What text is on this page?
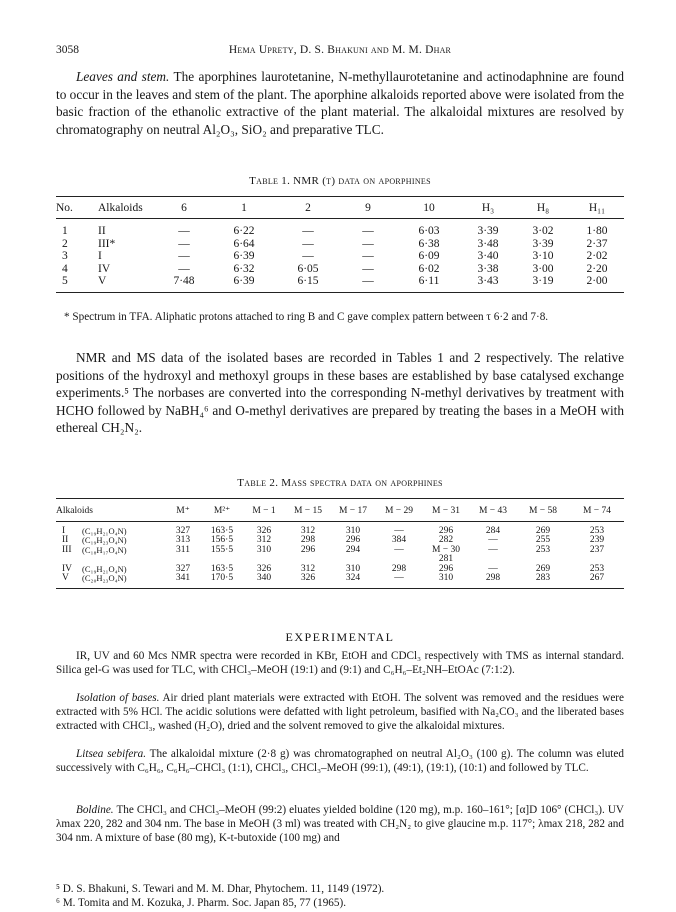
3058	Hema Uprety, D. S. Bhakuni and M. M. Dhar

Leaves and stem. The aporphines laurotetanine, N-methyllaurotetanine and actinodaphnine are found to occur in the leaves and stem of the plant. The aporphine alkaloids reported above were isolated from the basic fraction of the ethanolic extractive of the plant material. The alkaloidal mixtures are resolved by chromatography on neutral Al₂O₃, SiO₂ and preparative TLC.

Table 1. NMR (τ) data on aporphines
No.	Alkaloids	6	1	2	9	10	H₃	H₈	H₁₁
1	II	—	6·22	—	—	6·03	3·39	3·02	1·80
2	III*	—	6·64	—	—	6·38	3·48	3·39	2·37
3	I	—	6·39	—	—	6·09	3·40	3·10	2·02
4	IV	—	6·32	6·05	—	6·02	3·38	3·00	2·20
5	V	7·48	6·39	6·15	—	6·11	3·43	3·19	2·00

* Spectrum in TFA. Aliphatic protons attached to ring B and C gave complex pattern between τ 6·2 and 7·8.

NMR and MS data of the isolated bases are recorded in Tables 1 and 2 respectively. The relative positions of the hydroxyl and methoxyl groups in these bases are established by base catalysed exchange experiments.⁵ The norbases are converted into the corresponding N-methyl derivatives by treatment with HCHO followed by NaBH₄⁶ and O-methyl derivatives are prepared by treating the bases in a MeOH with ethereal CH₂N₂.

Table 2. Mass spectra data on aporphines
Alkaloids		M⁺	M²⁺	M − 1	M − 15	M − 17	M − 29	M − 31	M − 43	M − 58	M − 74
I	(C₁₉H₂₁O₄N)	327	163·5	326	312	310	—	296	284	269	253
II	(C₁₉H₂₃O₄N)	313	156·5	312	298	296	384	282	—	255	239
III	(C₁₈H₁₇O₄N)	311	155·5	310	296	294	—	M − 30	—	253	237
								281			
IV	(C₁₉H₂₁O₄N)	327	163·5	326	312	310	298	296	—	269	253
V	(C₂₀H₂₃O₄N)	341	170·5	340	326	324	—	310	298	283	267
EXPERIMENTAL

IR, UV and 60 Mcs NMR spectra were recorded in KBr, EtOH and CDCl₃ respectively with TMS as internal standard. Silica gel-G was used for TLC, with CHCl₃–MeOH (19:1) and (9:1) and C₆H₆–Et₂NH–EtOAc (7:1:2).

Isolation of bases. Air dried plant materials were extracted with EtOH. The solvent was removed and the residues were extracted with 5% HCl. The acidic solutions were defatted with light petroleum, basified with Na₂CO₃ and the liberated bases extracted with CHCl₃, washed (H₂O), dried and the solvent removed to give the alkaloidal mixtures.

Litsea sebifera. The alkaloidal mixture (2·8 g) was chromatographed on neutral Al₂O₃ (100 g). The column was eluted successively with C₆H₆, C₆H₆–CHCl₃ (1:1), CHCl₃, CHCl₃–MeOH (99:1), (49:1), (19:1), (10:1) and followed by TLC.

Boldine. The CHCl₃ and CHCl₃–MeOH (99:2) eluates yielded boldine (120 mg), m.p. 160–161°; [α]D 106° (CHCl₃). UV λmax 220, 282 and 304 nm. The base in MeOH (3 ml) was treated with CH₂N₂ to give glaucine m.p. 117°; λmax 218, 282 and 304 nm. A mixture of base (80 mg), K-t-butoxide (100 mg) and

⁵ D. S. Bhakuni, S. Tewari and M. M. Dhar, Phytochem. 11, 1149 (1972).
⁶ M. Tomita and M. Kozuka, J. Pharm. Soc. Japan 85, 77 (1965).
